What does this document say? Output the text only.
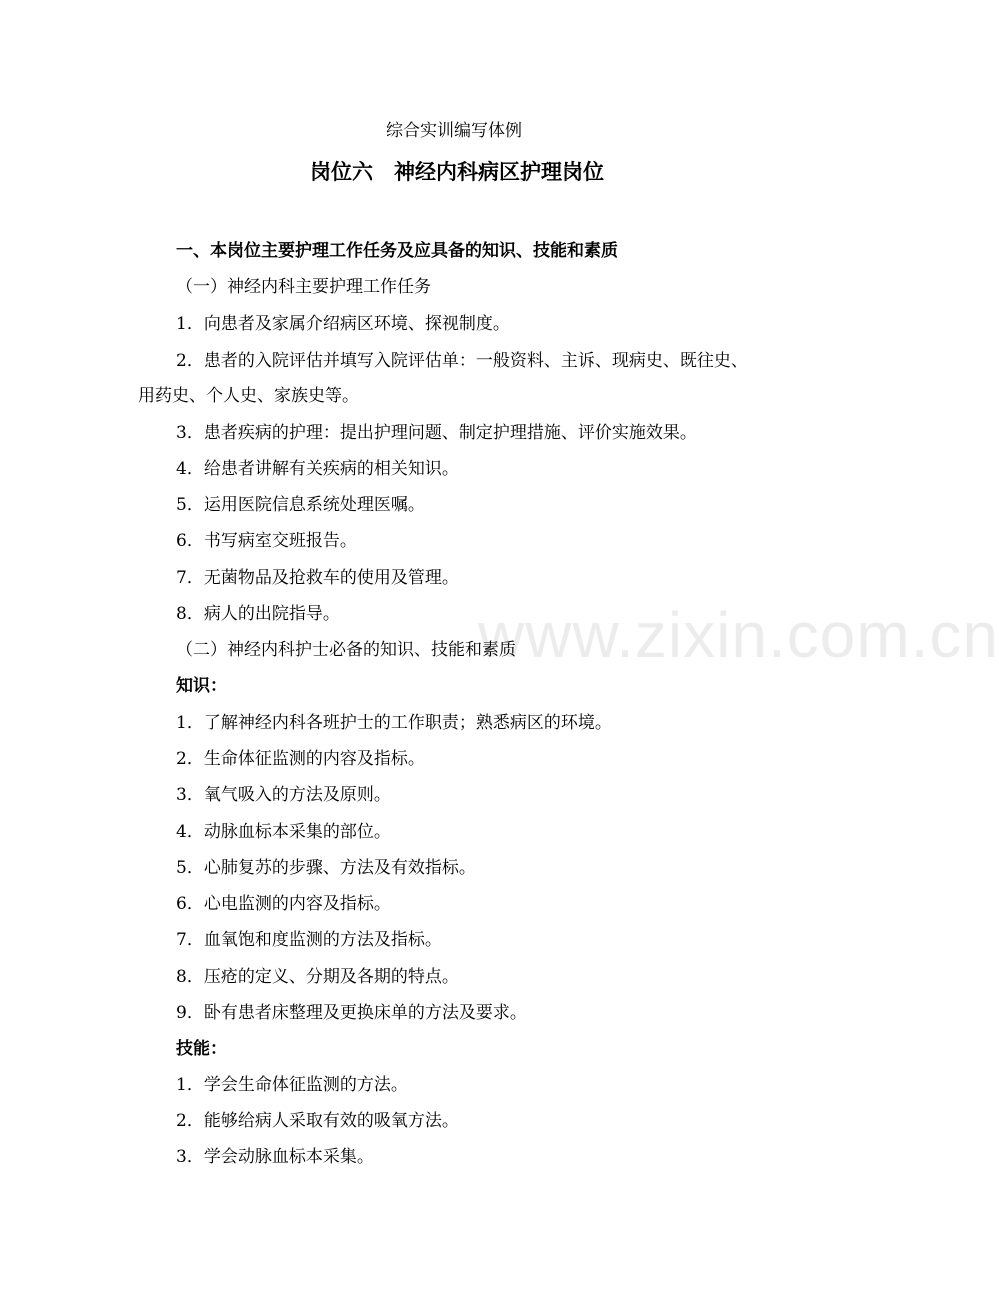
综合实训编写体例
岗位六　神经内科病区护理岗位
一、本岗位主要护理工作任务及应具备的知识、技能和素质
（一）神经内科主要护理工作任务
1．向患者及家属介绍病区环境、探视制度。
2．患者的入院评估并填写入院评估单：一般资料、主诉、现病史、既往史、
用药史、个人史、家族史等。
3．患者疾病的护理：提出护理问题、制定护理措施、评价实施效果。
4．给患者讲解有关疾病的相关知识。
5．运用医院信息系统处理医嘱。
6．书写病室交班报告。
7．无菌物品及抢救车的使用及管理。
8．病人的出院指导。
（二）神经内科护士必备的知识、技能和素质
知识：
1．了解神经内科各班护士的工作职责；熟悉病区的环境。
2．生命体征监测的内容及指标。
3．氧气吸入的方法及原则。
4．动脉血标本采集的部位。
5．心肺复苏的步骤、方法及有效指标。
6．心电监测的内容及指标。
7．血氧饱和度监测的方法及指标。
8．压疮的定义、分期及各期的特点。
9．卧有患者床整理及更换床单的方法及要求。
技能：
1．学会生命体征监测的方法。
2．能够给病人采取有效的吸氧方法。
3．学会动脉血标本采集。
www.zixin.com.cn
